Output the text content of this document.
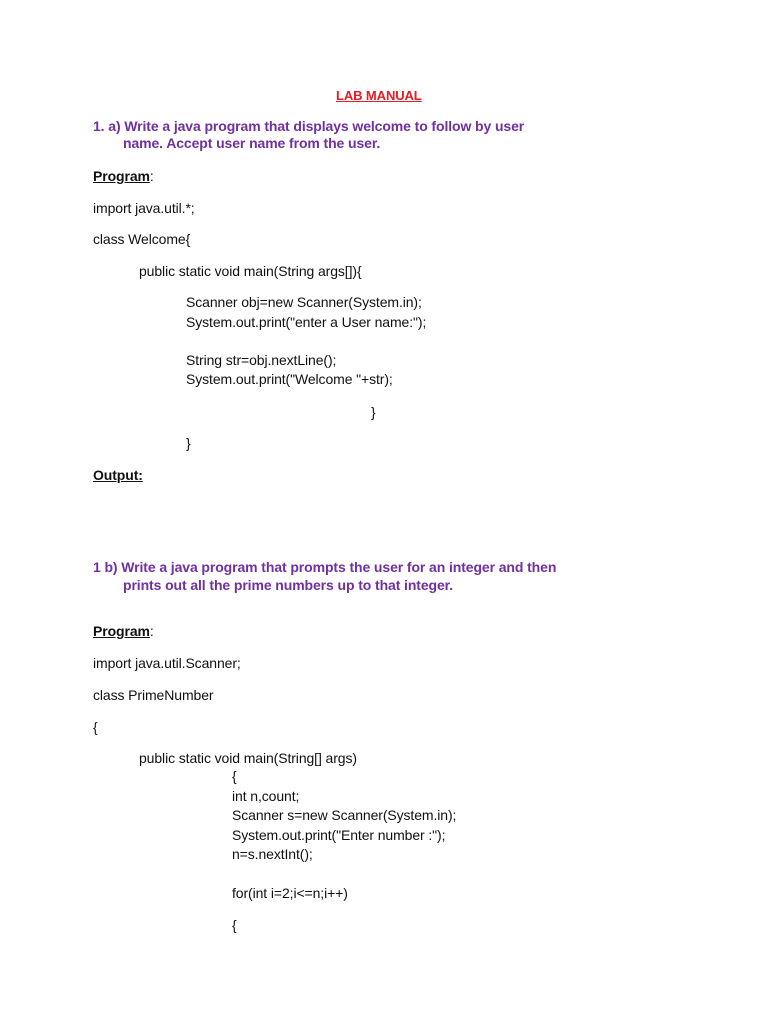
LAB MANUAL
1. a) Write a java program that displays welcome to follow by user
name. Accept user name from the user.
Program:
import java.util.*;
class Welcome{
public static void main(String args[]){
Scanner obj=new Scanner(System.in);
System.out.print("enter a User name:");
String str=obj.nextLine();
System.out.print("Welcome "+str);
}
}
Output:
1 b) Write a java program that prompts the user for an integer and then
prints out all the prime numbers up to that integer.
Program:
import java.util.Scanner;
class PrimeNumber
{
public static void main(String[] args)
{
int n,count;
Scanner s=new Scanner(System.in);
System.out.print("Enter number :");
n=s.nextInt();
for(int i=2;i<=n;i++)
{
